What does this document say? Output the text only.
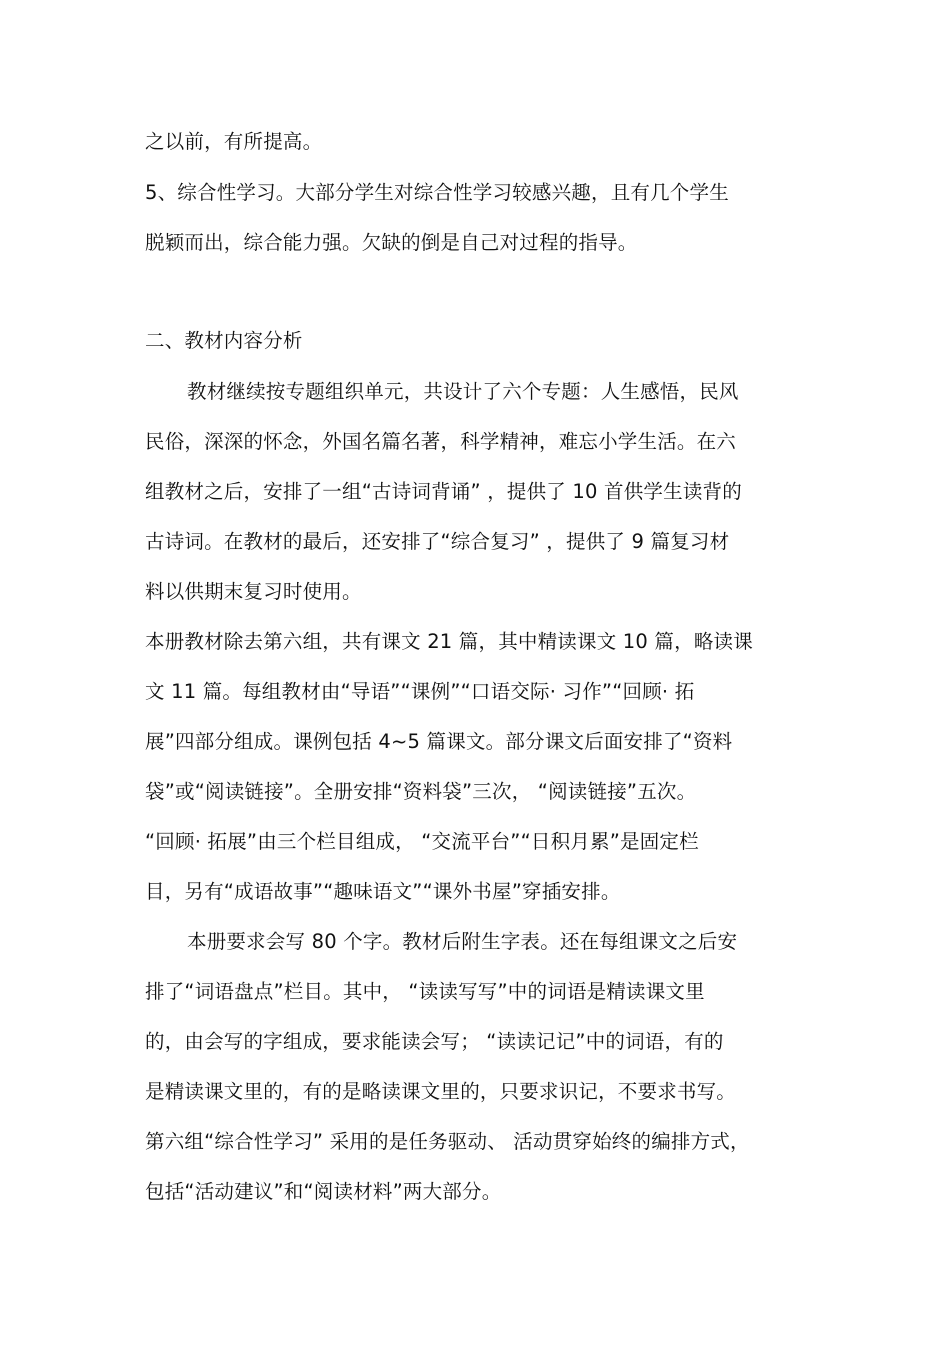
之以前，有所提高。
5、综合性学习。大部分学生对综合性学习较感兴趣，且有几个学生
脱颖而出，综合能力强。欠缺的倒是自己对过程的指导。
二、教材内容分析
教材继续按专题组织单元，共设计了六个专题：人生感悟，民风
民俗，深深的怀念，外国名篇名著，科学精神，难忘小学生活。在六
组教材之后，安排了一组“古诗词背诵” ，提供了 10 首供学生读背的
古诗词。在教材的最后，还安排了“综合复习” ，提供了 9 篇复习材
料以供期末复习时使用。
本册教材除去第六组，共有课文 21 篇，其中精读课文 10 篇，略读课
文 11 篇。每组教材由“导语”“课例”“口语交际· 习作”“回顾· 拓
展”四部分组成。课例包括 4~5 篇课文。部分课文后面安排了“资料
袋”或“阅读链接”。全册安排“资料袋”三次， “阅读链接”五次。
“回顾· 拓展”由三个栏目组成， “交流平台”“日积月累”是固定栏
目，另有“成语故事”“趣味语文”“课外书屋”穿插安排。
本册要求会写 80 个字。教材后附生字表。还在每组课文之后安
排了“词语盘点”栏目。其中， “读读写写”中的词语是精读课文里
的，由会写的字组成，要求能读会写； “读读记记”中的词语，有的
是精读课文里的，有的是略读课文里的，只要求识记，不要求书写。
第六组“综合性学习” 采用的是任务驱动、 活动贯穿始终的编排方式，
包括“活动建议”和“阅读材料”两大部分。
